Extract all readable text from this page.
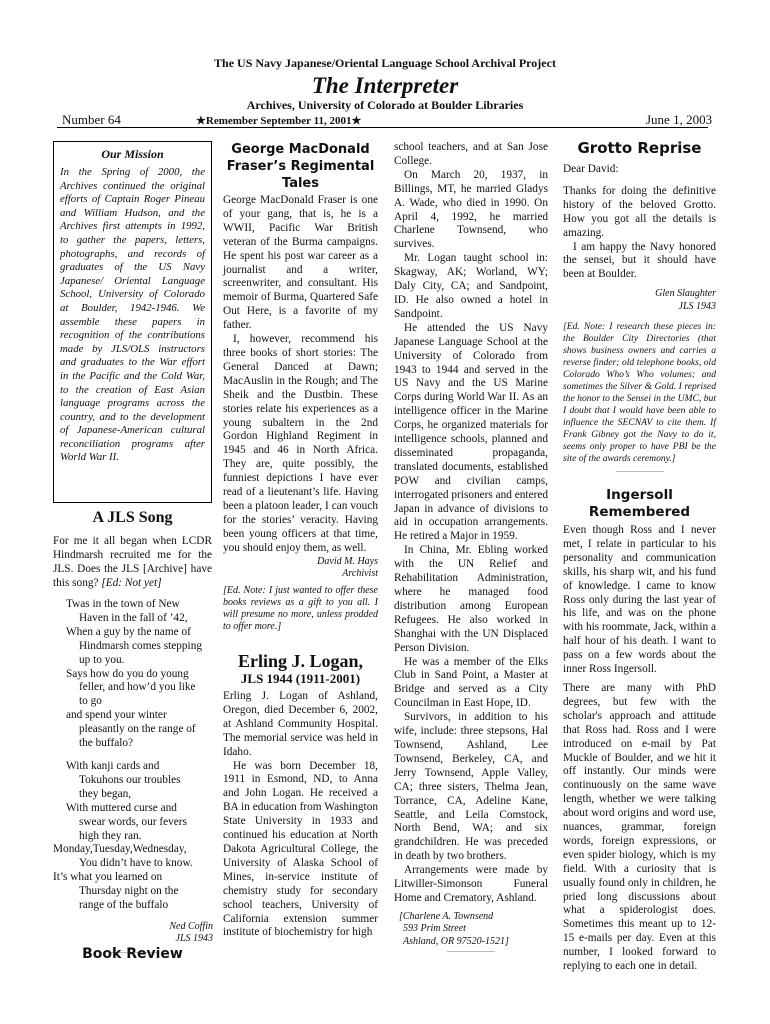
The US Navy Japanese/Oriental Language School Archival Project
The Interpreter
Archives, University of Colorado at Boulder Libraries
Number 64	★Remember September 11, 2001★	June 1, 2003
Our Mission
In the Spring of 2000, the Archives continued the original efforts of Captain Roger Pineau and William Hudson, and the Archives first attempts in 1992, to gather the papers, letters, photographs, and records of graduates of the US Navy Japanese/ Oriental Language School, University of Colorado at Boulder, 1942-1946. We assemble these papers in recognition of the contributions made by JLS/OLS instructors and graduates to the War effort in the Pacific and the Cold War, to the creation of East Asian language programs across the country, and to the development of Japanese-American cultural reconciliation programs after World War II.
A JLS Song
For me it all began when LCDR Hindmarsh recruited me for the JLS. Does the JLS [Archive] have this song? [Ed: Not yet]
Twas in the town of New
Haven in the fall of ’42,
When a guy by the name of
Hindmarsh comes stepping
up to you.
Says how do you do young
feller, and how’d you like
to go
and spend your winter
pleasantly on the range of
the buffalo?
With kanji cards and
Tokuhons our troubles
they began,
With muttered curse and
swear words, our fevers
high they ran.
Monday,Tuesday,Wednesday,
You didn’t have to know.
It’s what you learned on
Thursday night on the
range of the buffalo
Ned Coffin
JLS 1943
Book Review
George MacDonald Fraser’s Regimental Tales

George MacDonald Fraser is one of your gang, that is, he is a WWII, Pacific War British veteran of the Burma campaigns. He spent his post war career as a journalist and a writer, screenwriter, and consultant. His memoir of Burma, Quartered Safe Out Here, is a favorite of my father.

I, however, recommend his three books of short stories: The General Danced at Dawn; MacAuslin in the Rough; and The Sheik and the Dustbin. These stories relate his experiences as a young subaltern in the 2nd Gordon Highland Regiment in 1945 and 46 in North Africa. They are, quite possibly, the funniest depictions I have ever read of a lieutenant’s life. Having been a platoon leader, I can vouch for the stories’ veracity. Having been young officers at that time, you should enjoy them, as well.

David M. Hays
Archivist
[Ed. Note: I just wanted to offer these books reviews as a gift to you all. I will presume no more, unless prodded to offer more.]
Erling J. Logan,
JLS 1944 (1911-2001)

Erling J. Logan of Ashland, Oregon, died December 6, 2002, at Ashland Community Hospital. The memorial service was held in Idaho.

He was born December 18, 1911 in Esmond, ND, to Anna and John Logan. He received a BA in education from Washington State University in 1933 and continued his education at North Dakota Agricultural College, the University of Alaska School of Mines, in-service institute of chemistry study for secondary school teachers, University of California extension summer institute of biochemistry for high

school teachers, and at San Jose College.

On March 20, 1937, in Billings, MT, he married Gladys A. Wade, who died in 1990. On April 4, 1992, he married Charlene Townsend, who survives.

Mr. Logan taught school in: Skagway, AK; Worland, WY; Daly City, CA; and Sandpoint, ID. He also owned a hotel in Sandpoint.

He attended the US Navy Japanese Language School at the University of Colorado from 1943 to 1944 and served in the US Navy and the US Marine Corps during World War II. As an intelligence officer in the Marine Corps, he organized materials for intelligence schools, planned and disseminated propaganda, translated documents, established POW and civilian camps, interrogated prisoners and entered Japan in advance of divisions to aid in occupation arrangements. He retired a Major in 1959.

In China, Mr. Ebling worked with the UN Relief and Rehabilitation Administration, where he managed food distribution among European Refugees. He also worked in Shanghai with the UN Displaced Person Division.

He was a member of the Elks Club in Sand Point, a Master at Bridge and served as a City Councilman in East Hope, ID.

Survivors, in addition to his wife, include: three stepsons, Hal Townsend, Ashland, Lee Townsend, Berkeley, CA, and Jerry Townsend, Apple Valley, CA; three sisters, Thelma Jean, Torrance, CA, Adeline Kane, Seattle, and Leila Comstock, North Bend, WA; and six grandchildren. He was preceded in death by two brothers.

Arrangements were made by Litwiller-Simonson Funeral Home and Crematory, Ashland.

[Charlene A. Townsend
593 Prim Street
Ashland, OR 97520-1521]
Grotto Reprise

Dear David:

Thanks for doing the definitive history of the beloved Grotto. How you got all the details is amazing.

I am happy the Navy honored the sensei, but it should have been at Boulder.

Glen Slaughter
JLS 1943
[Ed. Note: I research these pieces in: the Boulder City Directories (that shows business owners and carries a reverse finder; old telephone books, old Colorado Who’s Who volumes; and sometimes the Silver & Gold. I reprised the honor to the Sensei in the UMC, but I doubt that I would have been able to influence the SECNAV to cite them. If Frank Gibney got the Navy to do it, seems only proper to have PBI be the site of the awards ceremony.]
Ingersoll
Remembered

Even though Ross and I never met, I relate in particular to his personality and communication skills, his sharp wit, and his fund of knowledge. I came to know Ross only during the last year of his life, and was on the phone with his roommate, Jack, within a half hour of his death. I want to pass on a few words about the inner Ross Ingersoll.

There are many with PhD degrees, but few with the scholar's approach and attitude that Ross had. Ross and I were introduced on e-mail by Pat Muckle of Boulder, and we hit it off instantly. Our minds were continuously on the same wave length, whether we were talking about word origins and word use, nuances, grammar, foreign words, foreign expressions, or even spider biology, which is my field. With a curiosity that is usually found only in children, he pried long discussions about what a spiderologist does. Sometimes this meant up to 12-15 e-mails per day. Even at this number, I looked forward to replying to each one in detail.
